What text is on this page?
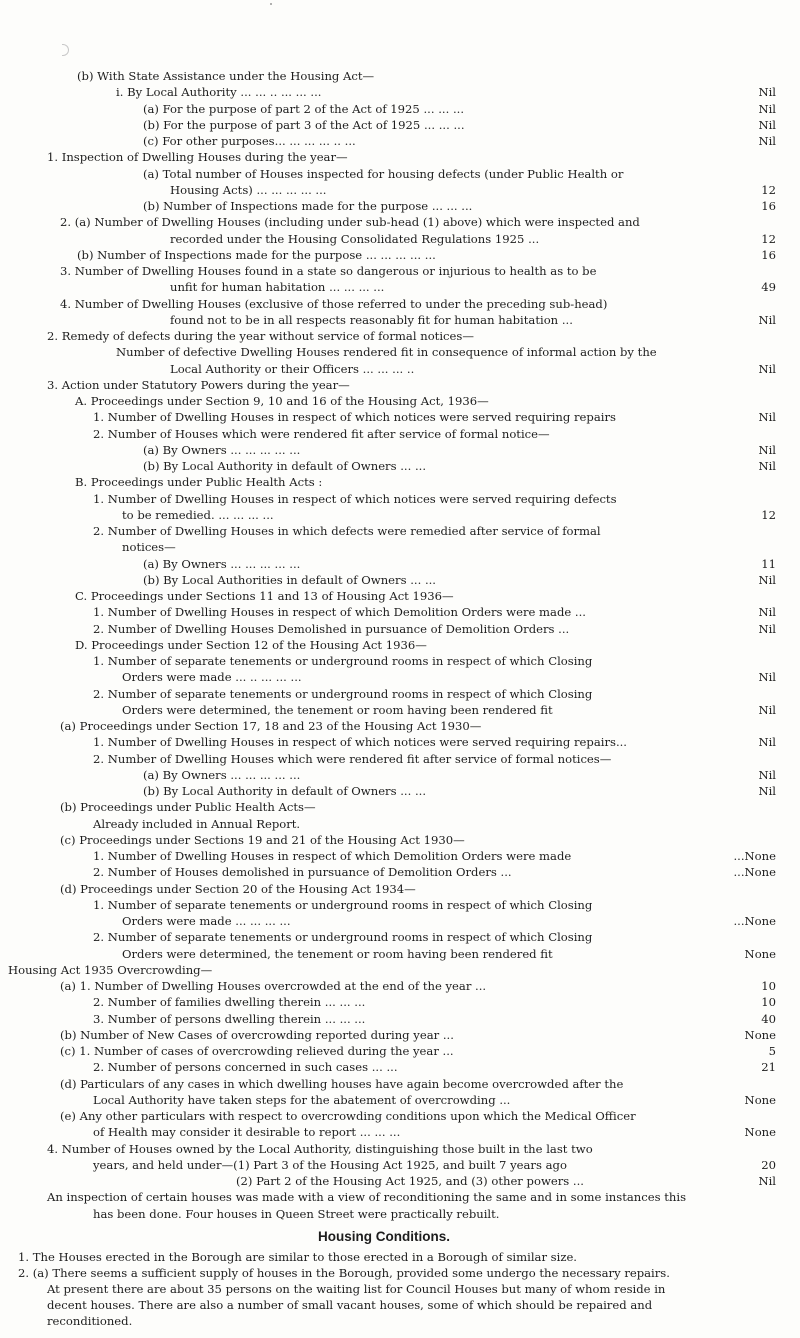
(b) With State Assistance under the Housing Act—
i. By Local Authority ... ... .. ... ... ...	Nil
(a) For the purpose of part 2 of the Act of 1925 ... ... ...	Nil
(b) For the purpose of part 3 of the Act of 1925 ... ... ...	Nil
(c) For other purposes... ... ... ... .. ...	Nil
1. Inspection of Dwelling Houses during the year—
(a) Total number of Houses inspected for housing defects (under Public Health or
Housing Acts) ... ... ... ... ...	12
(b) Number of Inspections made for the purpose ... ... ...	16
2. (a) Number of Dwelling Houses (including under sub-head (1) above) which were inspected and
recorded under the Housing Consolidated Regulations 1925 ...	12
(b) Number of Inspections made for the purpose ... ... ... ... ...	16
3. Number of Dwelling Houses found in a state so dangerous or injurious to health as to be
unfit for human habitation ... ... ... ...	49
4. Number of Dwelling Houses (exclusive of those referred to under the preceding sub-head)
found not to be in all respects reasonably fit for human habitation ...	Nil
2. Remedy of defects during the year without service of formal notices—
Number of defective Dwelling Houses rendered fit in consequence of informal action by the
Local Authority or their Officers ... ... ... ..	Nil
3. Action under Statutory Powers during the year—
A. Proceedings under Section 9, 10 and 16 of the Housing Act, 1936—
1. Number of Dwelling Houses in respect of which notices were served requiring repairs	Nil
2. Number of Houses which were rendered fit after service of formal notice—
(a) By Owners ... ... ... ... ...	Nil
(b) By Local Authority in default of Owners ... ...	Nil
B. Proceedings under Public Health Acts :
1. Number of Dwelling Houses in respect of which notices were served requiring defects
to be remedied. ... ... ... ...	12
2. Number of Dwelling Houses in which defects were remedied after service of formal
notices—
(a) By Owners ... ... ... ... ...	11
(b) By Local Authorities in default of Owners ... ...	Nil
C. Proceedings under Sections 11 and 13 of Housing Act 1936—
1. Number of Dwelling Houses in respect of which Demolition Orders were made ...	Nil
2. Number of Dwelling Houses Demolished in pursuance of Demolition Orders ...	Nil
D. Proceedings under Section 12 of the Housing Act 1936—
1. Number of separate tenements or underground rooms in respect of which Closing
Orders were made ... .. ... ... ...	Nil
2. Number of separate tenements or underground rooms in respect of which Closing
Orders were determined, the tenement or room having been rendered fit	Nil
(a) Proceedings under Section 17, 18 and 23 of the Housing Act 1930—
1. Number of Dwelling Houses in respect of which notices were served requiring repairs...	Nil
2. Number of Dwelling Houses which were rendered fit after service of formal notices—
(a) By Owners ... ... ... ... ...	Nil
(b) By Local Authority in default of Owners ... ...	Nil
(b) Proceedings under Public Health Acts—
Already included in Annual Report.
(c) Proceedings under Sections 19 and 21 of the Housing Act 1930—
1. Number of Dwelling Houses in respect of which Demolition Orders were made	...None
2. Number of Houses demolished in pursuance of Demolition Orders ...	...None
(d) Proceedings under Section 20 of the Housing Act 1934—
1. Number of separate tenements or underground rooms in respect of which Closing
Orders were made ... ... ... ...	...None
2. Number of separate tenements or underground rooms in respect of which Closing
Orders were determined, the tenement or room having been rendered fit	None
Housing Act 1935 Overcrowding—
(a) 1. Number of Dwelling Houses overcrowded at the end of the year ...	10
2. Number of families dwelling therein ... ... ...	10
3. Number of persons dwelling therein ... ... ...	40
(b) Number of New Cases of overcrowding reported during year ...	None
(c) 1. Number of cases of overcrowding relieved during the year ...	5
2. Number of persons concerned in such cases ... ...	21
(d) Particulars of any cases in which dwelling houses have again become overcrowded after the
Local Authority have taken steps for the abatement of overcrowding ...	None
(e) Any other particulars with respect to overcrowding conditions upon which the Medical Officer
of Health may consider it desirable to report ... ... ...	None
4. Number of Houses owned by the Local Authority, distinguishing those built in the last two
years, and held under—(1) Part 3 of the Housing Act 1925, and built 7 years ago	20
(2) Part 2 of the Housing Act 1925, and (3) other powers ...	Nil
An inspection of certain houses was made with a view of reconditioning the same and in some instances this
has been done. Four houses in Queen Street were practically rebuilt.
1. The Houses erected in the Borough are similar to those erected in a Borough of similar size.
2. (a) There seems a sufficient supply of houses in the Borough, provided some undergo the necessary repairs.
At present there are about 35 persons on the waiting list for Council Houses but many of whom reside in
decent houses. There are also a number of small vacant houses, some of which should be repaired and
reconditioned.
Housing Conditions.
